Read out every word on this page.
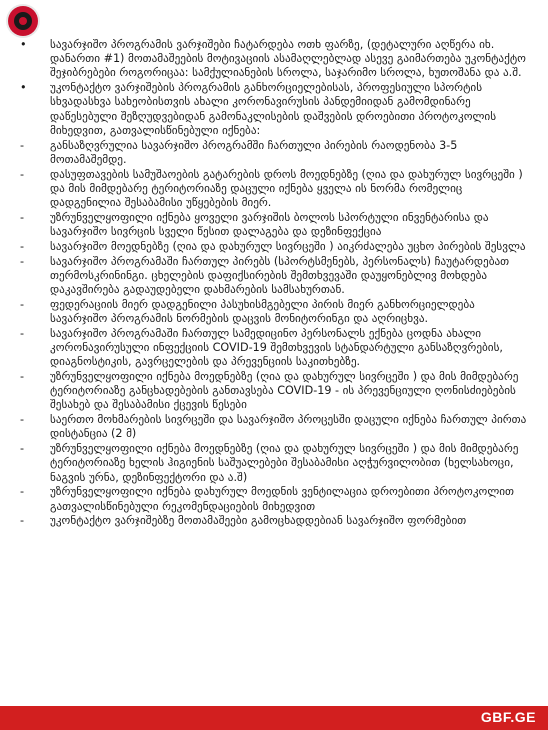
•	სავარჯიშო პროგრამის ვარჯიშები ჩატარდება ოთხ ფარზე, (დეტალური აღწერა იხ. დანართი #1) მოთამაშეების მოტივაციის ასამაღლებლად ასევე გაიმართება უკონტაქტო შეჯიბრებები როგორიცაა: სამქულიანების სროლა, საჯარიმო სროლა, ხუთოშანა და ა.შ.
•	უკონტაქტო ვარჯიშების პროგრამის განხორციელებისას, პროფესიული სპორტის სხვადასხვა სახეობისთვის ახალი კორონავირუსის პანდემიიდან გამომდინარე დაწესებული შეზღუდვებიდან გამონაკლისების დაშვების დროებითი პროტოკოლის მიხედვით, გათვალისწინებული იქნება:
-	განსაზღვრულია სავარჯიშო პროგრამში ჩართული პირების რაოდენობა 3-5 მოთამაშემდე.
-	დასუფთავების სამუშაოების გატარების დროს მოედნებზე (ღია და დახურულ სივრცეში ) და მის მიმდებარე ტერიტორიაზე დაცული იქნება ყველა ის ნორმა რომელიც დადგენილია შესაბამისი უწყებების მიერ.
-	უზრუნველყოფილი იქნება ყოველი ვარჯიშის ბოლოს სპორტული ინვენტარისა და სავარჯიშო სივრცის სველი წესით დალაგება და დეზინფექცია
-	სავარჯიშო მოედნებზე (ღია და დახურულ სივრცეში ) აიკრძალება უცხო პირების შესვლა
-	სავარჯიშო პროგრამაში ჩართულ პირებს (სპორტსმენებს, პერსონალს) ჩაუტარდებათ თერმოსკრინინგი. ცხელების დაფიქსირების შემთხვევაში დაუყონებლივ მოხდება დაკავშირება გადაუდებელი დახმარების სამსახურთან.
-	ფედერაციის მიერ დადგენილი პასუხისმგებელი პირის მიერ განხორციელდება სავარჯიშო პროგრამის ნორმების დაცვის მონიტორინგი და აღრიცხვა.
-	სავარჯიშო პროგრამაში ჩართულ სამედიცინო პერსონალს ექნება ცოდნა ახალი კორონავირუსული ინფექციის COVID-19 შემთხვევის სტანდარტული განსაზღვრების, დიაგნოსტიკის, გავრცელების და პრევენციის საკითხებზე.
-	უზრუნველყოფილი იქნება მოედნებზე (ღია და დახურულ სივრცეში ) და მის მიმდებარე ტერიტორიაზე განცხადებების განთავსება COVID-19 - ის პრევენციული ღონისძიებების შესახებ და შესაბამისი ქცევის წესები
-	საერთო მოხმარების სივრცეში და სავარჯიშო პროცესში დაცული იქნება ჩართულ პირთა დისტანცია (2 მ)
-	უზრუნველყოფილი იქნება მოედნებზე (ღია და დახურულ სივრცეში ) და მის მიმდებარე ტერიტორიაზე ხელის ჰიგიენის საშუალებები შესაბამისი აღჭურვილობით (ხელსახოცი, ნაგვის ურნა, დეზინფექტორი და ა.შ)
-	უზრუნველყოფილი იქნება დახურულ მოედნის ვენტილაცია დროებითი პროტოკოლით გათვალისწინებული რეკომენდაციების მიხედვით
-	უკონტაქტო ვარჯიშებზე მოთამაშეები გამოცხადდებიან სავარჯიშო ფორმებით
GBF.GE
